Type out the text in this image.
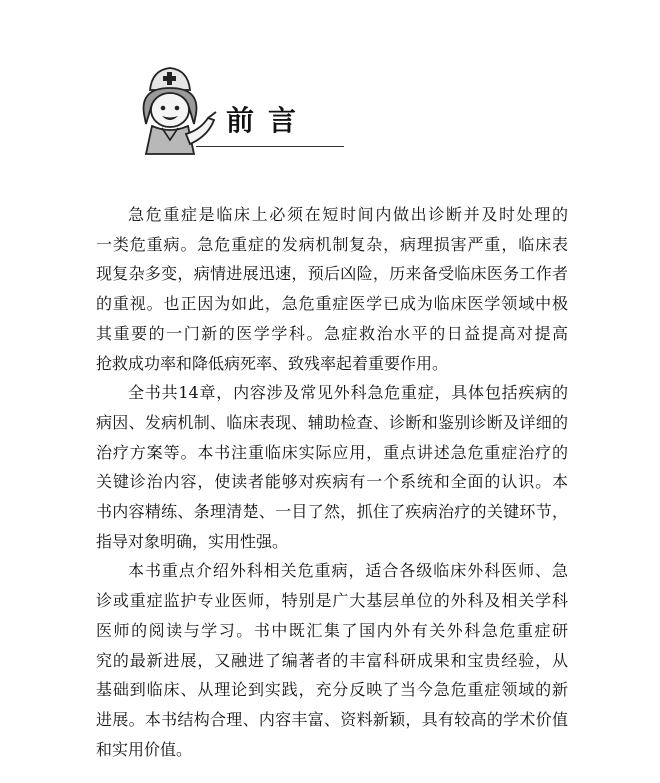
前言

急危重症是临床上必须在短时间内做出诊断并及时处理的
一类危重病。急危重症的发病机制复杂，病理损害严重，临床表
现复杂多变，病情进展迅速，预后凶险，历来备受临床医务工作者
的重视。也正因为如此，急危重症医学已成为临床医学领域中极
其重要的一门新的医学学科。急症救治水平的日益提高对提高
抢救成功率和降低病死率、致残率起着重要作用。

全书共14章，内容涉及常见外科急危重症，具体包括疾病的
病因、发病机制、临床表现、辅助检查、诊断和鉴别诊断及详细的
治疗方案等。本书注重临床实际应用，重点讲述急危重症治疗的
关键诊治内容，使读者能够对疾病有一个系统和全面的认识。本
书内容精练、条理清楚、一目了然，抓住了疾病治疗的关键环节，
指导对象明确，实用性强。

本书重点介绍外科相关危重病，适合各级临床外科医师、急
诊或重症监护专业医师，特别是广大基层单位的外科及相关学科
医师的阅读与学习。书中既汇集了国内外有关外科急危重症研
究的最新进展，又融进了编著者的丰富科研成果和宝贵经验，从
基础到临床、从理论到实践，充分反映了当今急危重症领域的新
进展。本书结构合理、内容丰富、资料新颖，具有较高的学术价值
和实用价值。
